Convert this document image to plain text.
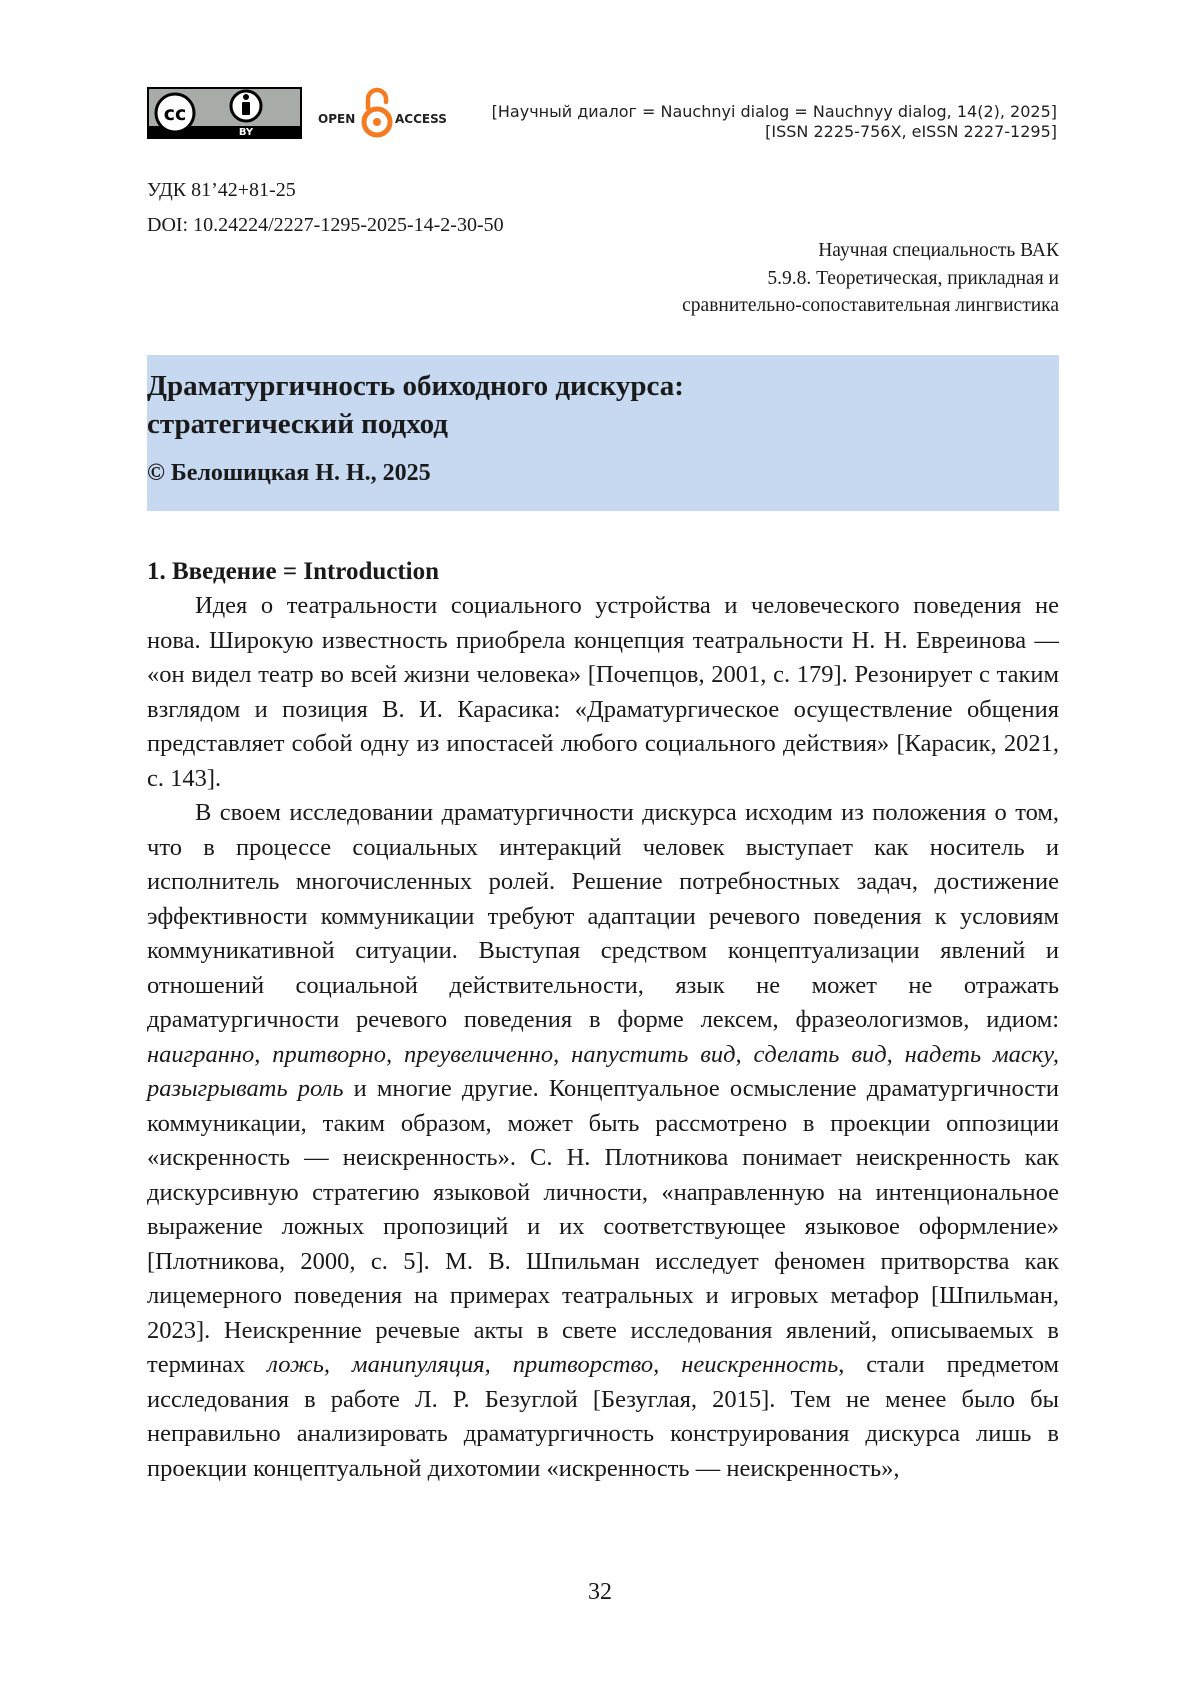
cc
BY
OPEN	ACCESS	[Научный диалог = Nauchnyi dialog = Nauchnyy dialog, 14(2), 2025]
[ISSN 2225-756X, eISSN 2227-1295]
УДК 81’42+81-25
DOI: 10.24224/2227-1295-2025-14-2-30-50
Научная специальность ВАК
5.9.8. Теоретическая, прикладная и
сравнительно-сопоставительная лингвистика
Драматургичность обиходного дискурса:
стратегический подход
© Белошицкая Н. Н., 2025
1. Введение = Introduction

Идея о театральности социального устройства и человеческого поведения не нова. Широкую известность приобрела концепция театральности Н. Н. Евреинова — «он видел театр во всей жизни человека» [Почепцов, 2001, с. 179]. Резонирует с таким взглядом и позиция В. И. Карасика: «Драматургическое осуществление общения представляет собой одну из ипостасей любого социального действия» [Карасик, 2021, с. 143].

В своем исследовании драматургичности дискурса исходим из положения о том, что в процессе социальных интеракций человек выступает как носитель и исполнитель многочисленных ролей. Решение потребностных задач, достижение эффективности коммуникации требуют адаптации речевого поведения к условиям коммуникативной ситуации. Выступая средством концептуализации явлений и отношений социальной действительности, язык не может не отражать драматургичности речевого поведения в форме лексем, фразеологизмов, идиом: наигранно, притворно, преувеличенно, напустить вид, сделать вид, надеть маску, разыгрывать роль и многие другие. Концептуальное осмысление драматургичности коммуникации, таким образом, может быть рассмотрено в проекции оппозиции «искренность — неискренность». С. Н. Плотникова понимает неискренность как дискурсивную стратегию языковой личности, «направленную на интенциональное выражение ложных пропозиций и их соответствующее языковое оформление» [Плотникова, 2000, с. 5]. М. В. Шпильман исследует феномен притворства как лицемерного поведения на примерах театральных и игровых метафор [Шпильман, 2023]. Неискренние речевые акты в свете исследования явлений, описываемых в терминах ложь, манипуляция, притворство, неискренность, стали предметом исследования в работе Л. Р. Безуглой [Безуглая, 2015]. Тем не менее было бы неправильно анализировать драматургичность конструирования дискурса лишь в проекции концептуальной дихотомии «искренность — неискренность»,

32
